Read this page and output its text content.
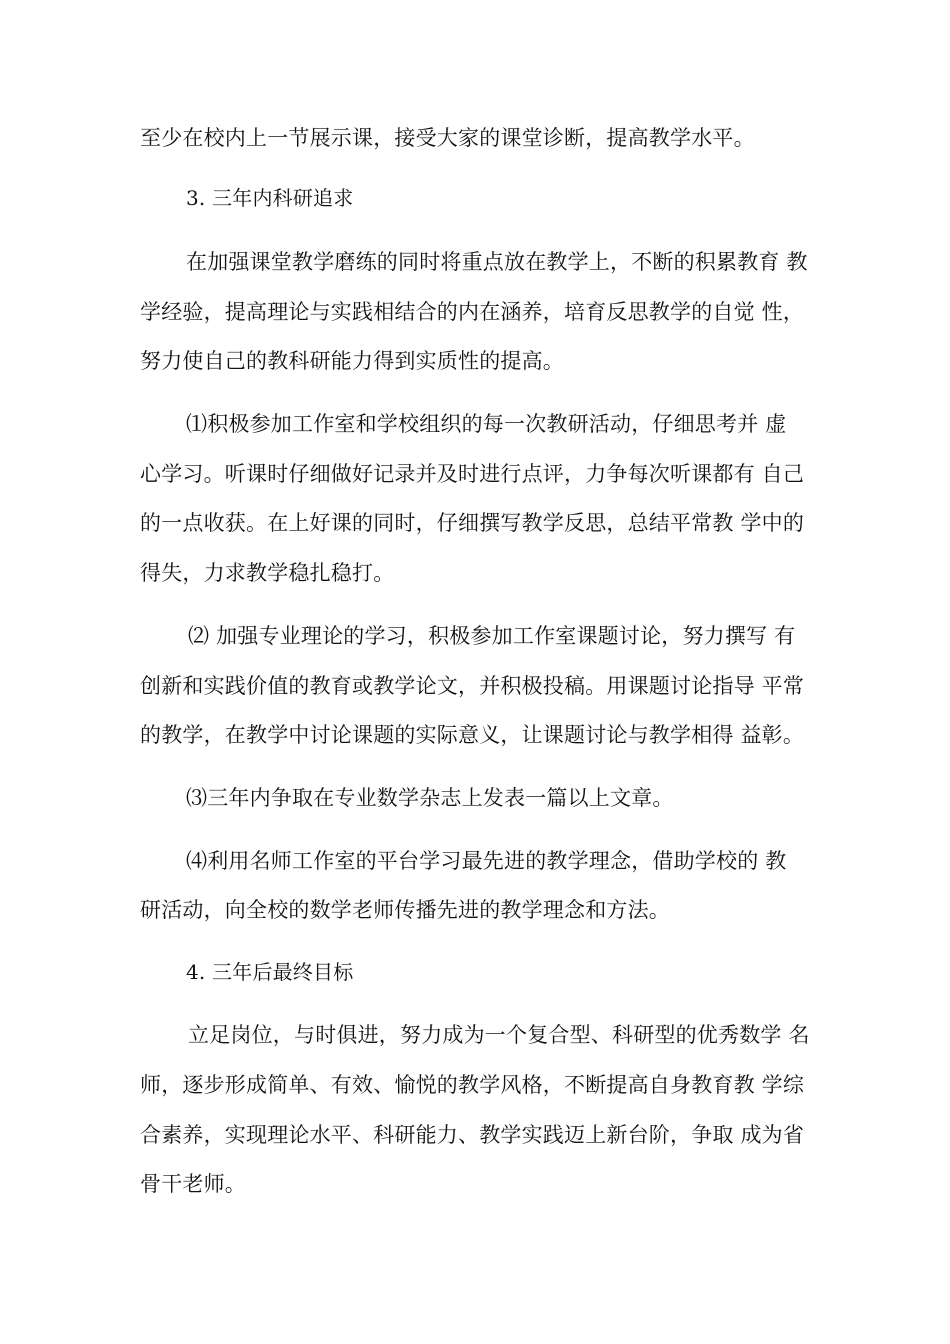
至少在校内上一节展示课，接受大家的课堂诊断，提高教学水平。
3. 三年内科研追求
在加强课堂教学磨练的同时将重点放在教学上，不断的积累教育 教
学经验，提高理论与实践相结合的内在涵养，培育反思教学的自觉 性，
努力使自己的教科研能力得到实质性的提高。
⑴积极参加工作室和学校组织的每一次教研活动，仔细思考并 虚
心学习。听课时仔细做好记录并及时进行点评，力争每次听课都有 自己
的一点收获。在上好课的同时，仔细撰写教学反思，总结平常教 学中的
得失，力求教学稳扎稳打。
⑵ 加强专业理论的学习，积极参加工作室课题讨论，努力撰写 有
创新和实践价值的教育或教学论文，并积极投稿。用课题讨论指导 平常
的教学，在教学中讨论课题的实际意义，让课题讨论与教学相得 益彰。
⑶三年内争取在专业数学杂志上发表一篇以上文章。
⑷利用名师工作室的平台学习最先进的教学理念，借助学校的 教
研活动，向全校的数学老师传播先进的教学理念和方法。
4. 三年后最终目标
立足岗位，与时俱进，努力成为一个复合型、科研型的优秀数学 名
师，逐步形成简单、有效、愉悦的教学风格，不断提高自身教育教 学综
合素养，实现理论水平、科研能力、教学实践迈上新台阶，争取 成为省
骨干老师。
